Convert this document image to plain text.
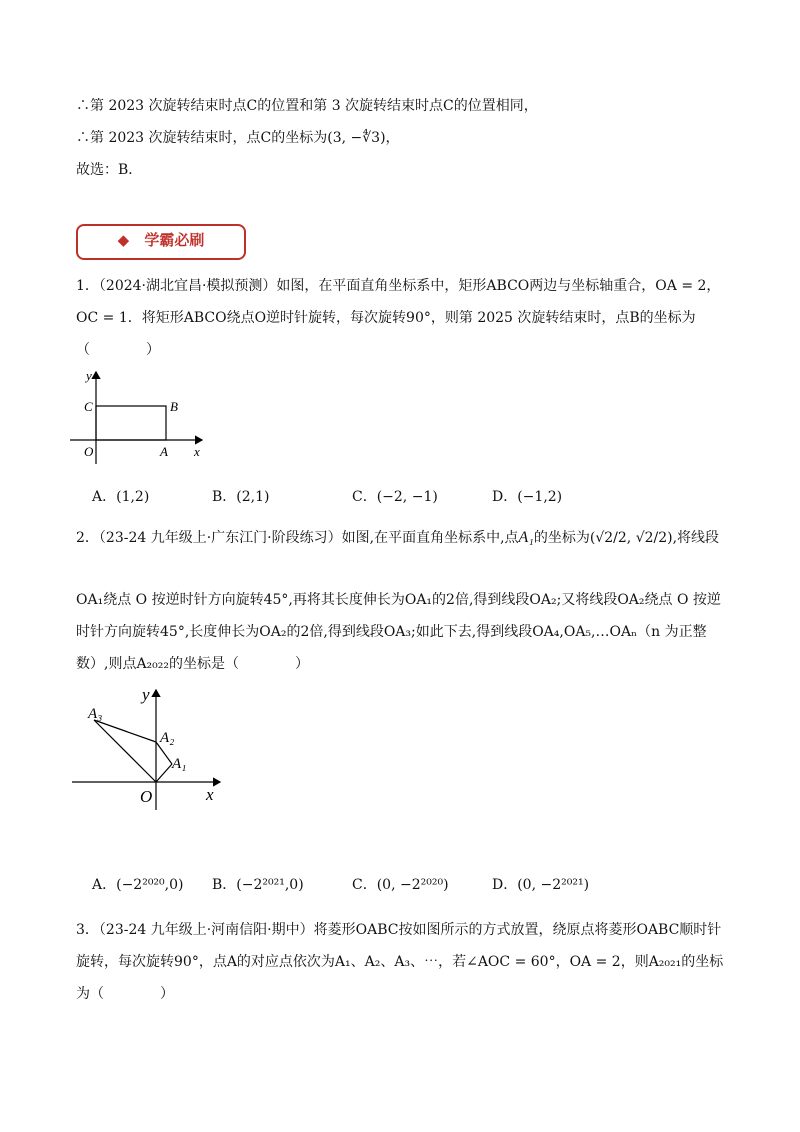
∴第 2023 次旋转结束时点C的位置和第 3 次旋转结束时点C的位置相同，
∴第 2023 次旋转结束时，点C的坐标为(3, −∜3)，
故选：B．
◆ 学霸必刷
1．（2024·湖北宜昌·模拟预测）如图，在平面直角坐标系中，矩形ABCO两边与坐标轴重合，OA = 2，
OC = 1．将矩形ABCO绕点O逆时针旋转，每次旋转90°，则第 2025 次旋转结束时，点B的坐标为
（　　　　）
y
x
C	B
O	A
A．(1,2)	B．(2,1)	C．(−2, −1)	D．(−1,2)
2．（23-24 九年级上·广东江门·阶段练习）如图,在平面直角坐标系中,点A₁的坐标为(√2/2, √2/2),将线段
OA₁绕点 O 按逆时针方向旋转45°,再将其长度伸长为OA₁的2倍,得到线段OA₂;又将线段OA₂绕点 O 按逆
时针方向旋转45°,长度伸长为OA₂的2倍,得到线段OA₃;如此下去,得到线段OA₄,OA₅,…OAₙ（n 为正整
数）,则点A₂₀₂₂的坐标是（　　　　）
y
x
O
A₁
A₂
A₃
A．(−2²⁰²⁰,0) B．(−2²⁰²¹,0)	C．(0, −2²⁰²⁰)	D．(0, −2²⁰²¹)
3．（23-24 九年级上·河南信阳·期中）将菱形OABC按如图所示的方式放置，绕原点将菱形OABC顺时针
旋转，每次旋转90°，点A的对应点依次为A₁、A₂、A₃、⋯，若∠AOC = 60°，OA = 2，则A₂₀₂₁的坐标
为（　　　　）
